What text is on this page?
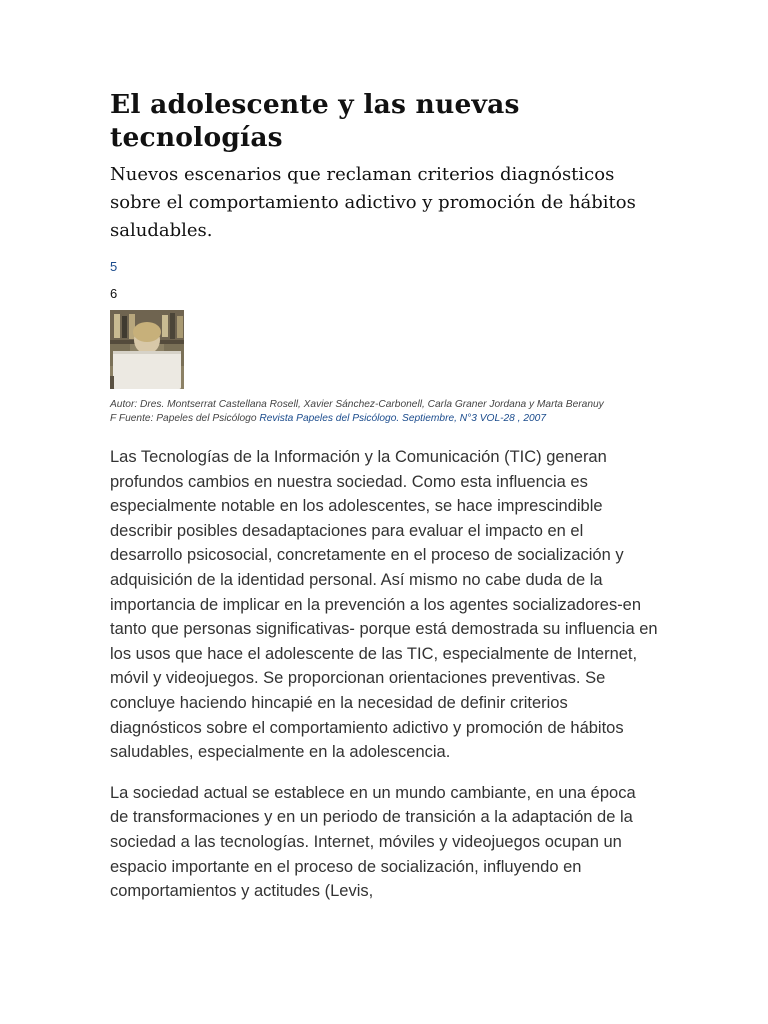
El adolescente y las nuevas tecnologías

Nuevos escenarios que reclaman criterios diagnósticos sobre el comportamiento adictivo y promoción de hábitos saludables.

5
6
Autor: Dres. Montserrat Castellana Rosell, Xavier Sánchez-Carbonell, Carla Graner Jordana y Marta Beranuy
F Fuente: Papeles del Psicólogo Revista Papeles del Psicólogo. Septiembre, N°3 VOL-28 , 2007

Las Tecnologías de la Información y la Comunicación (TIC) generan profundos cambios en nuestra sociedad. Como esta influencia es especialmente notable en los adolescentes, se hace imprescindible describir posibles desadaptaciones para evaluar el impacto en el desarrollo psicosocial, concretamente en el proceso de socialización y adquisición de la identidad personal. Así mismo no cabe duda de la importancia de implicar en la prevención a los agentes socializadores-en tanto que personas significativas- porque está demostrada su influencia en los usos que hace el adolescente de las TIC, especialmente de Internet, móvil y videojuegos. Se proporcionan orientaciones preventivas. Se concluye haciendo hincapié en la necesidad de definir criterios diagnósticos sobre el comportamiento adictivo y promoción de hábitos saludables, especialmente en la adolescencia.

La sociedad actual se establece en un mundo cambiante, en una época de transformaciones y en un periodo de transición a la adaptación de la sociedad a las tecnologías. Internet, móviles y videojuegos ocupan un espacio importante en el proceso de socialización, influyendo en comportamientos y actitudes (Levis,
